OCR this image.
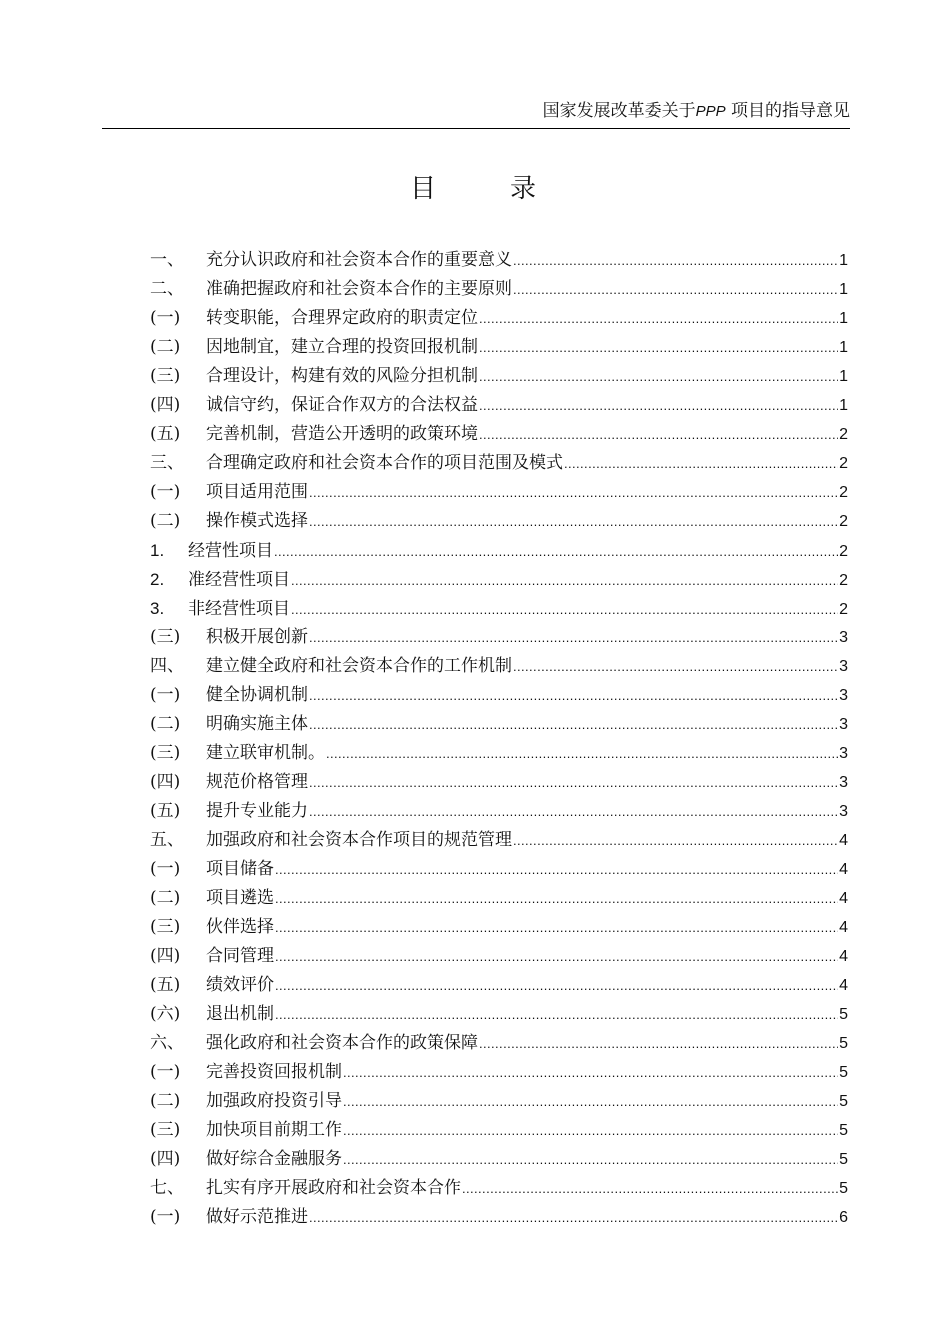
国家发展改革委关于PPP 项目的指导意见
目	录
一、	充分认识政府和社会资本合作的重要意义 .....	1
二、	准确把握政府和社会资本合作的主要原则 .....	1
(一)	转变职能，合理界定政府的职责定位 .....	1
(二)	因地制宜，建立合理的投资回报机制 .....	1
(三)	合理设计，构建有效的风险分担机制 .....	1
(四)	诚信守约，保证合作双方的合法权益 .....	1
(五)	完善机制，营造公开透明的政策环境 .....	2
三、	合理确定政府和社会资本合作的项目范围及模式 .....	2
(一)	项目适用范围 .....	2
(二)	操作模式选择 .....	2
1.	经营性项目 .....	2
2.	准经营性项目 .....	2
3.	非经营性项目 .....	2
(三)	积极开展创新 .....	3
四、	建立健全政府和社会资本合作的工作机制 .....	3
(一)	健全协调机制 .....	3
(二)	明确实施主体 .....	3
(三)	建立联审机制。 .....	3
(四)	规范价格管理 .....	3
(五)	提升专业能力 .....	3
五、	加强政府和社会资本合作项目的规范管理 .....	4
(一)	项目储备 .....	4
(二)	项目遴选 .....	4
(三)	伙伴选择 .....	4
(四)	合同管理 .....	4
(五)	绩效评价 .....	4
(六)	退出机制 .....	5
六、	强化政府和社会资本合作的政策保障 .....	5
(一)	完善投资回报机制 .....	5
(二)	加强政府投资引导 .....	5
(三)	加快项目前期工作 .....	5
(四)	做好综合金融服务 .....	5
七、	扎实有序开展政府和社会资本合作 .....	5
(一)	做好示范推进 .....	6
